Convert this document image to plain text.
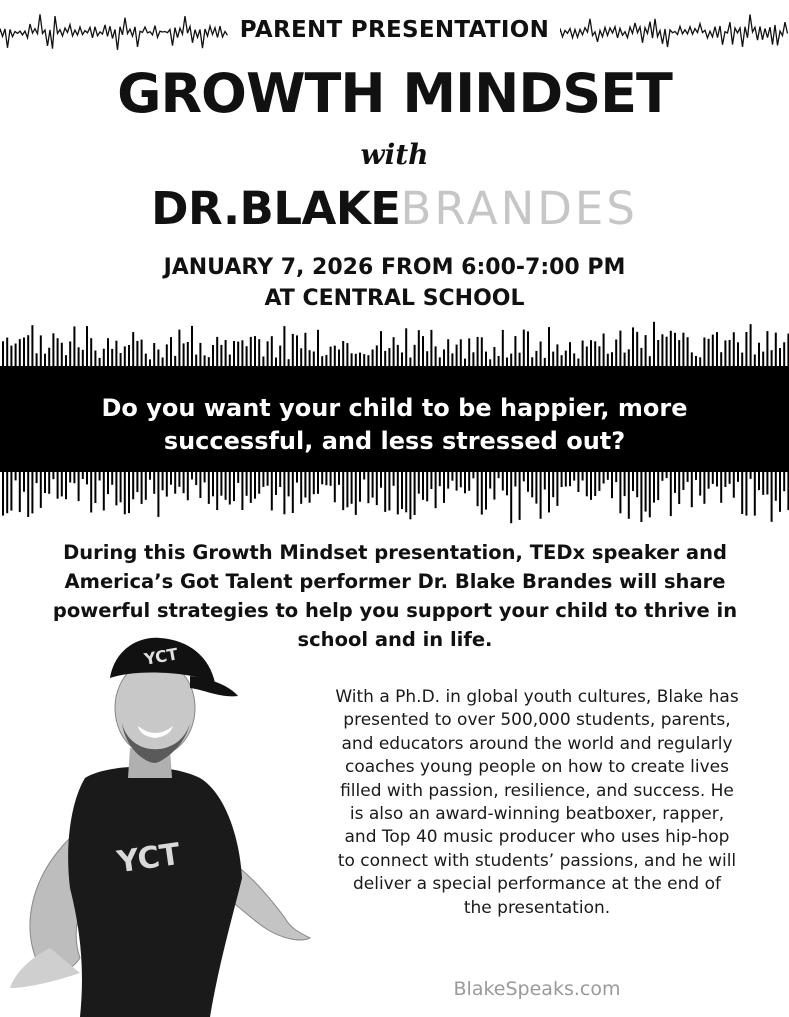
PARENT PRESENTATION
GROWTH MINDSET
with
DR.BLAKEBRANDES
JANUARY 7, 2026 FROM 6:00-7:00 PM
AT CENTRAL SCHOOL
Do you want your child to be happier, more
successful, and less stressed out?
During this Growth Mindset presentation, TEDx speaker and
America’s Got Talent performer Dr. Blake Brandes will share
powerful strategies to help you support your child to thrive in
school and in life.
YCT
YCT
With a Ph.D. in global youth cultures, Blake has
presented to over 500,000 students, parents,
and educators around the world and regularly
coaches young people on how to create lives
filled with passion, resilience, and success. He
is also an award-winning beatboxer, rapper,
and Top 40 music producer who uses hip-hop
to connect with students’ passions, and he will
deliver a special performance at the end of
the presentation.
BlakeSpeaks.com
